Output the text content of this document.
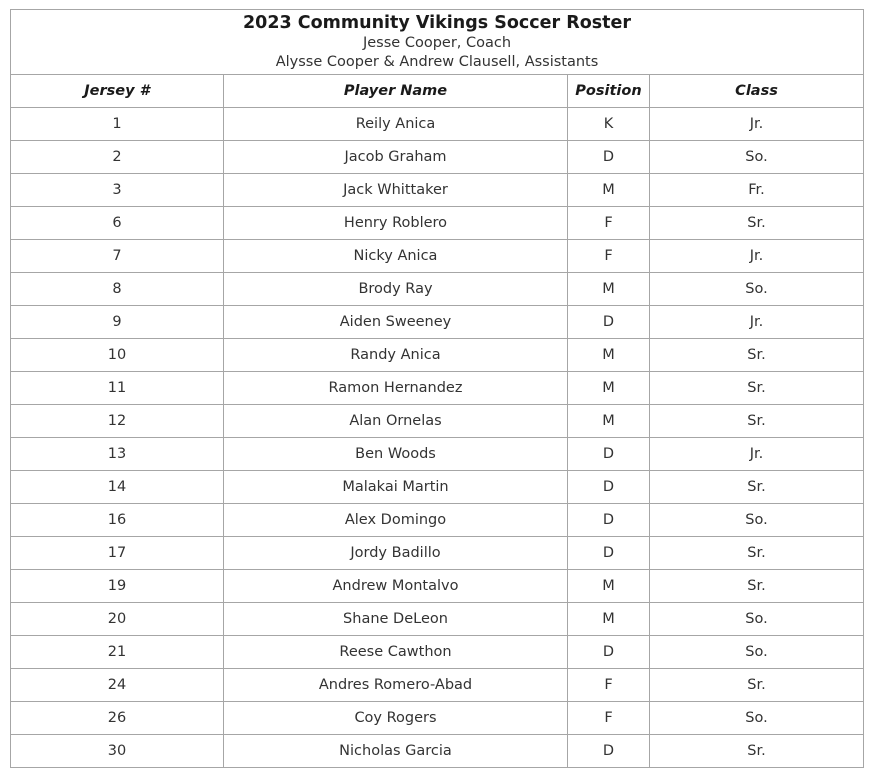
2023 Community Vikings Soccer Roster
Jesse Cooper, Coach
Alysse Cooper & Andrew Clausell, Assistants			

Jersey #	Player Name	Position	Class
1	Reily Anica	K	Jr.
2	Jacob Graham	D	So.
3	Jack Whittaker	M	Fr.
6	Henry Roblero	F	Sr.
7	Nicky Anica	F	Jr.
8	Brody Ray	M	So.
9	Aiden Sweeney	D	Jr.
10	Randy Anica	M	Sr.
11	Ramon Hernandez	M	Sr.
12	Alan Ornelas	M	Sr.
13	Ben Woods	D	Jr.
14	Malakai Martin	D	Sr.
16	Alex Domingo	D	So.
17	Jordy Badillo	D	Sr.
19	Andrew Montalvo	M	Sr.
20	Shane DeLeon	M	So.
21	Reese Cawthon	D	So.
24	Andres Romero-Abad	F	Sr.
26	Coy Rogers	F	So.
30	Nicholas Garcia	D	Sr.
